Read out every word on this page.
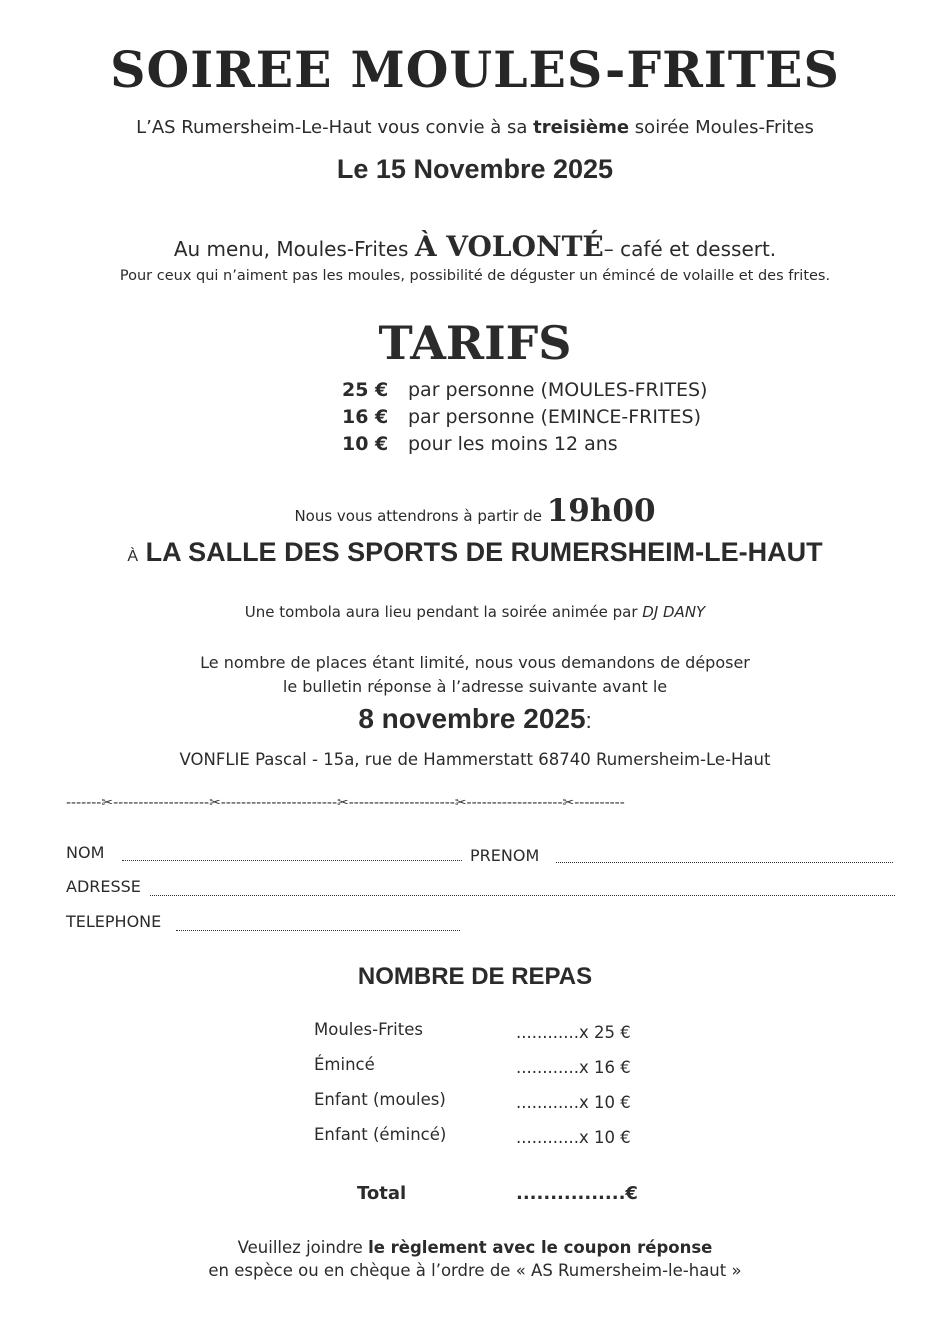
SOIREE MOULES-FRITES
L’AS Rumersheim-Le-Haut vous convie à sa treisième soirée Moules-Frites
Le 15 Novembre 2025
Au menu, Moules-Frites À VOLONTÉ– café et dessert.
Pour ceux qui n’aiment pas les moules, possibilité de déguster un émincé de volaille et des frites.
TARIFS
25 € par personne (MOULES-FRITES)
16 € par personne (EMINCE-FRITES)
10 € pour les moins 12 ans
Nous vous attendrons à partir de 19h00
À LA SALLE DES SPORTS DE RUMERSHEIM-LE-HAUT
Une tombola aura lieu pendant la soirée animée par DJ DANY
Le nombre de places étant limité, nous vous demandons de déposer
le bulletin réponse à l’adresse suivante avant le
8 novembre 2025:
VONFLIE Pascal - 15a, rue de Hammerstatt 68740 Rumersheim-Le-Haut
-------✂-------------------✂-----------------------✂---------------------✂-------------------✂----------
NOM	PRENOM
ADRESSE
TELEPHONE
NOMBRE DE REPAS
Moules-Frites	............x 25 €
Émincé	............x 16 €
Enfant (moules)	............x 10 €
Enfant (émincé)	............x 10 €
Total	................€
Veuillez joindre le règlement avec le coupon réponse
en espèce ou en chèque à l’ordre de « AS Rumersheim-le-haut »
